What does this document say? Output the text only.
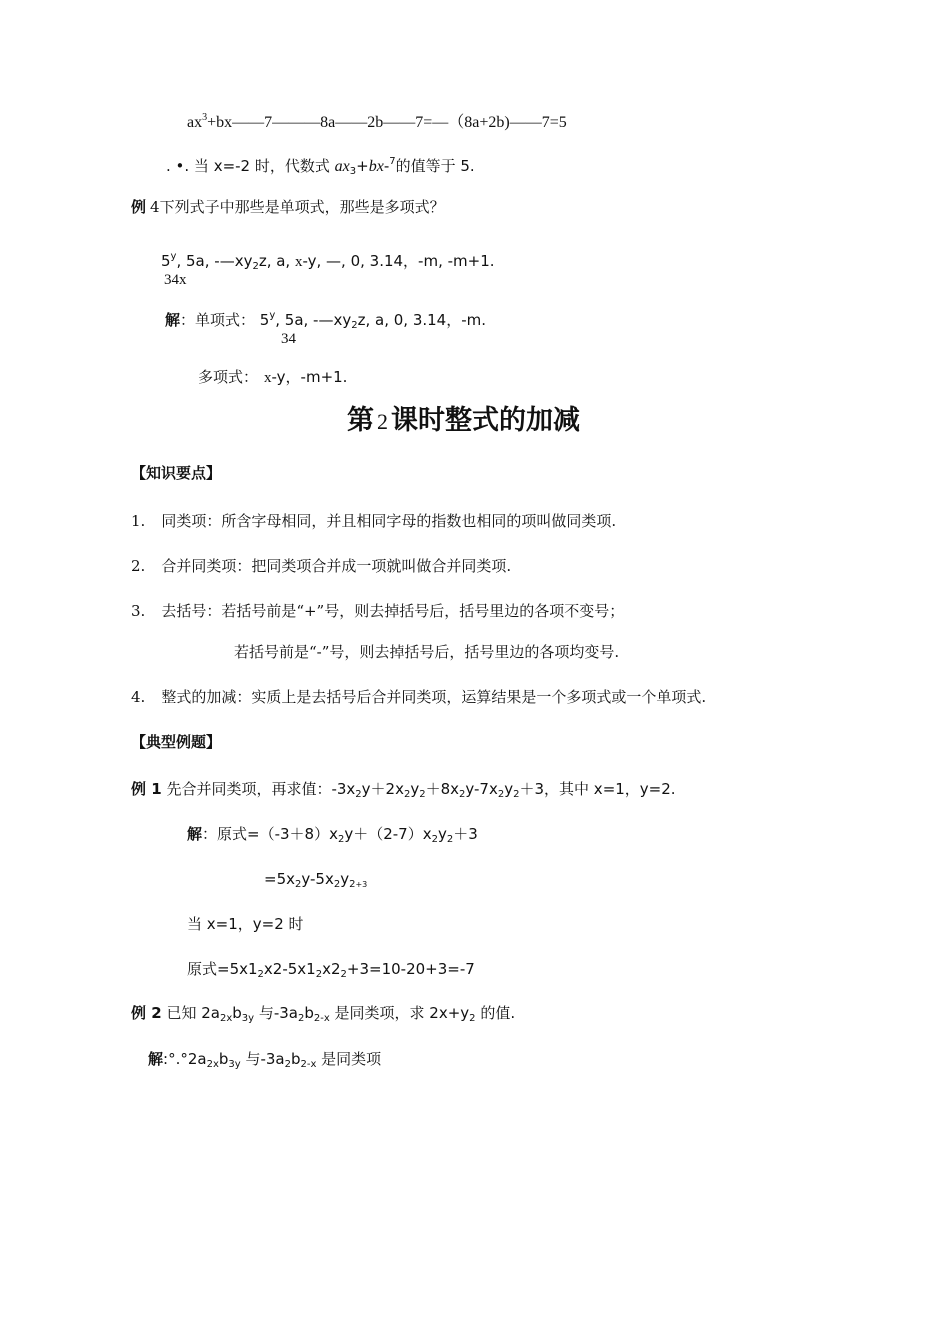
$ax^3+bx——7———8a——2b——7=—(8a+2b)——7=5$
. •. 当 x=-2 时，代数式 $ax_3+bx-^7$的值等于 5.
例 4下列式子中那些是单项式，那些是多项式？
5$^y$, 5a, $-—xy_2z$, a, x-y, —, 0, 3.14，-m, -m+1.
34x
解：单项式： 5$^y$, 5a, $-—xy_2z$, a, 0, 3.14，-m.
34
多项式： x-y，-m+1.
第 2 课时整式的加减
【知识要点】
1. 同类项：所含字母相同，并且相同字母的指数也相同的项叫做同类项.
2. 合并同类项：把同类项合并成一项就叫做合并同类项.
3. 去括号：若括号前是“+”号，则去掉括号后，括号里边的各项不变号；
若括号前是“-”号，则去掉括号后，括号里边的各项均变号.
4. 整式的加减：实质上是去括号后合并同类项，运算结果是一个多项式或一个单项式.
【典型例题】
例 1 先合并同类项，再求值：$-3x_2y+2x_2y_2+8x_2y-7x_2y_2+3$，其中 x=1，y=2.
解：原式$=(-3+8)x_2y+(2-7)x_2y_2+3$
$=5x_2y-5x_2y_{2+3}$
当 x=1，y=2 时
原式$=5x1_2x2-5x1_2x2_2+3=10-20+3=-7$
例 2 已知 $2a_{2x}b_{3y}$ 与$-3a_2b_{2-x}$ 是同类项，求 $2x+y_2$ 的值.
解$:^\circ.^\circ 2a_{2x}b_{3y}$ 与$-3a_2b_{2-x}$ 是同类项
